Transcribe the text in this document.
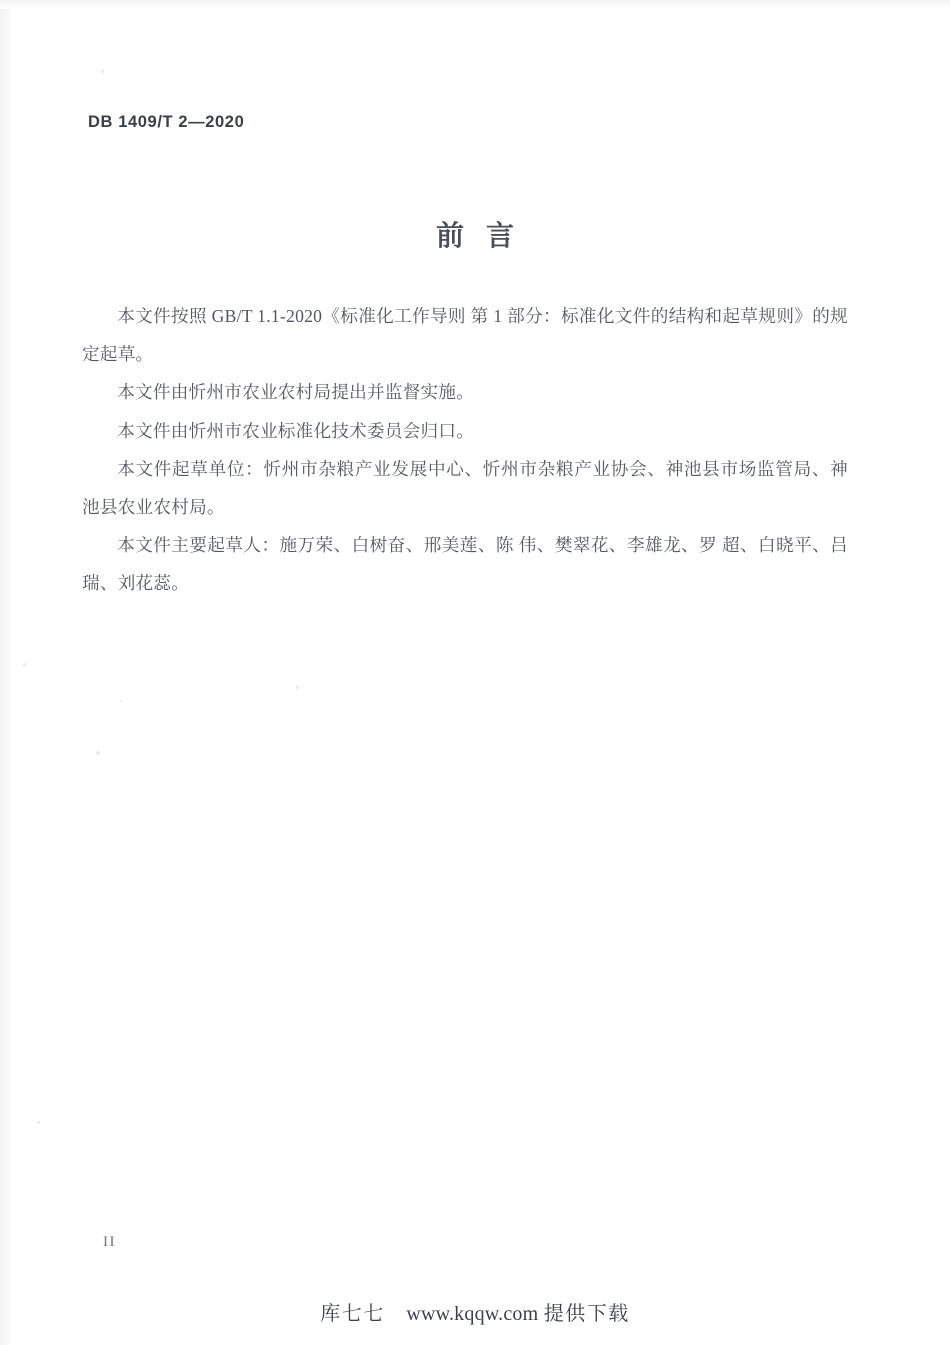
DB 1409/T 2—2020
前言

本文件按照 GB/T 1.1-2020《标准化工作导则 第 1 部分：标准化文件的结构和起草规则》的规定起草。

本文件由忻州市农业农村局提出并监督实施。

本文件由忻州市农业标准化技术委员会归口。

本文件起草单位：忻州市杂粮产业发展中心、忻州市杂粮产业协会、神池县市场监管局、神池县农业农村局。

本文件主要起草人：施万荣、白树奋、邢美莲、陈 伟、樊翠花、李雄龙、罗 超、白晓平、吕 瑞、刘花蕊。

II
库七七 www.kqqw.com 提供下载
